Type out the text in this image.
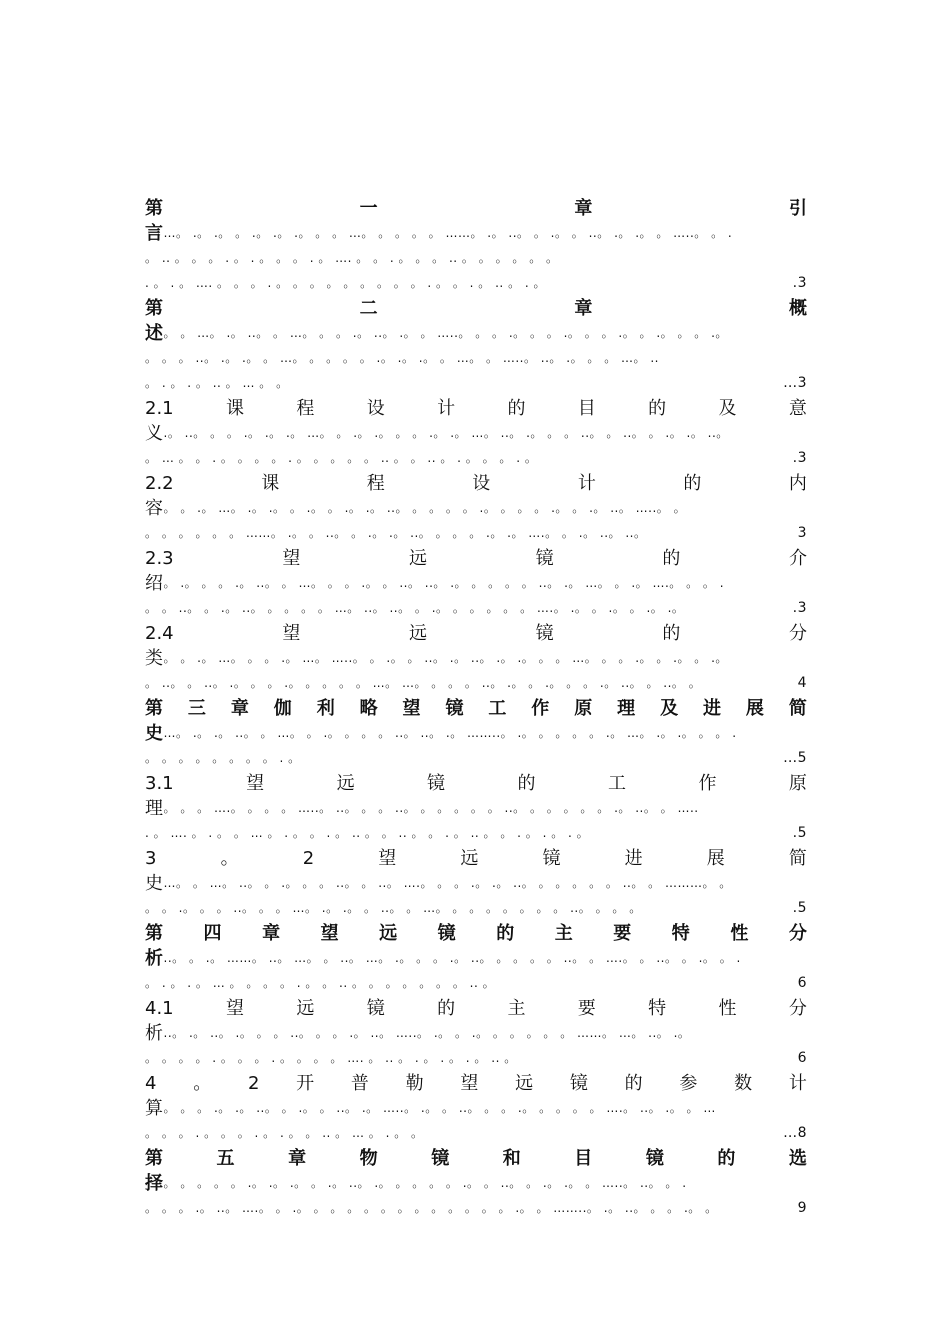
第	一	章	引
言 …。 .。 .。 。 .。 .。 .。 。 。 …。 。 。 。 。 ……。 .。 ..。 。 .。 。 ..。 .。 .。 。 …..。 。 .
。 .. 。 。 。 . 。 . 。 。 。 . 。 …. 。 。 . 。 。 。 .. 。 。 。 。 。 。
. 。 . 。 …. 。 。 。 . 。 。 。 。 。 。 。 。 。 . 。 。 . 。 .. 。 . 。	.3
第	二	章	概
述 。 。 …。 .。 ..。 。 …。 。 。 .。 ..。 .。 。 …..。 。 。 .。 。 。 .。 。 。 .。 。 .。 。 。 .。
。 。 。 ..。 .。 .。 。 …。 。 。 。 。 .。 .。 .。 。 …。 。 …..。 ..。 .。 。 。 …。 ..
。 . 。 . 。 .. 。 … 。 。	…3
2.1	课	程	设	计	的	目	的	及	意
义 .。 ..。 。 。 .。 .。 .。 …。 。 .。 .。 。 。 .。 .。 …。 ..。 .。 。 。 ..。 。 ..。 。 .。 .。 ..。
。 … 。 。 . 。 。 。 。 . 。 。 。 。 。 .. 。 。 .. 。 . 。 。 。 . 。	.3
2.2	课	程	设	计	的	内
容 。 。 .。 …。 .。 .。 。 .。 。 .。 .。 ..。 。 。 。 。 .。 。 。 。 .。 。 .。 ..。 …..。 。
。 。 。 。 。 。 ……。 .。 。 ..。 。 .。 .。 ..。 。 。 。 .。 .。 ….。 。 .。 ..。 ..。	3
2.3	望	远	镜	的	介
绍 。 .。 。 。 .。 ..。 。 …。 。 。 .。 。 ..。 ..。 .。 。 。 。 。 ..。 .。 …。 。 .。 ….。 。 。 .
。 。 ..。 。 .。 ..。 。 。 。 。 …。 ..。 ..。 。 .。 。 。 。 。 。 ….。 .。 。 .。 。 .。 .。	.3
2.4	望	远	镜	的	分
类 。 。 .。 …。 。 。 .。 …。 …..。 。 .。 。 ..。 .。 ..。 .。 .。 。 。 …。 。 。 .。 。 .。 。 .。
。 ..。 。 ..。 .。 。 。 .。 。 。 。 。 …。 …。 。 。 。 ..。 .。 。 .。 。 。 .。 ..。 。 ..。 。	4
第 三 章 伽 利 略 望 镜 工 作 原 理 及 进 展 简
史 …。 .。 .。 ..。 。 …。 。 .。 。 。 。 ..。 ..。 .。 ……..。 .。 。 。 。 。 .。 …。 .。 .。 。 。 .
。 。 。 。 。 。 。 。 . 。	…5
3.1	望	远	镜	的	工	作	原
理 。 。 。 ….。 。 。 。 …..。 ..。 。 。 ..。 。 。 。 。 。 ..。 。 。 。 。 。 .。 ..。 。 …..
. 。 …. 。 . 。 。 … 。 . 。 。 . 。 .. 。 。 .. 。 。 . 。 .. 。 。 . 。 . 。 . 。	.5
3	。	2	望	远	镜	进	展	简
史 …。 。 …。 ..。 。 .。 。 。 ..。 。 ..。 ….。 。 。 .。 .。 ..。 。 。 。 。 。 ..。 。 ………。 。
。 。 .。 。 。 ..。 。 。 …。 .。 .。 。 ..。 。 …。 。 。 。 。 。 。 。 ..。 。 。 。	.5
第 四 章 望 远 镜 的 主 要 特 性 分
析 ..。 。 .。 ……。 ..。 …。 。 ..。 …。 .。 。 。 .。 ..。 。 。 。 。 ..。 。 ….。 。 ..。 。 .。 。 .
。 . 。 . 。 … 。 。 。 。 . 。 。 .. 。 。 。 。 。 。 。 .. 。	6
4.1	望	远	镜	的	主	要	特	性	分
析 ..。 .。 ..。 .。 。 。 ..。 。 。 .。 ..。 …..。 .。 。 .。 。 。 。 。 。 ……。 …。 ..。 .。
。 。 。 。 . 。 。 。 . 。 。 。 。 …. 。 .. 。 . 。 . 。 . 。 .. 。	6
4 。 2 开 普 勒 望 远 镜 的 参 数 计
算 。 。 。 .。 .。 ..。 。 .。 。 ..。 .。 …..。 .。 。 ..。 。 。 .。 。 。 。 。 ….。 ..。 .。 。 …
。 。 。 . 。 。 。 . 。 . 。 。 .. 。 … 。 . 。 。	…8
第	五	章	物	镜	和	目	镜	的	选
择 。 。 。 。 。 .。 .。 .。 。 .。 ..。 .。 。 。 。 。 .。 。 ..。 。 .。 .。 。 …..。 ..。 。 .
。 。 。 .。 ..。 ….。 。 .。 。 。 。 。 。 。 。 。 。 。 。 。 .。 。 ……..。 .。 ..。 。 。 .。 。	9
